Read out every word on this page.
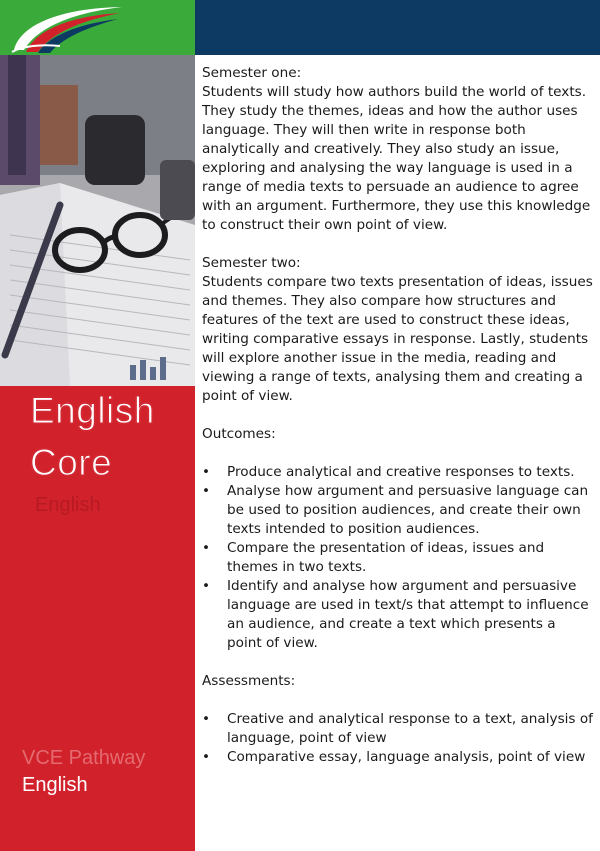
English
Core
English
VCE Pathway
English

Semester one:

Students will study how authors build the world of texts. They study the themes, ideas and how the author uses language. They will then write in response both analytically and creatively. They also study an issue, exploring and analysing the way language is used in a range of media texts to persuade an audience to agree with an argument. Furthermore, they use this knowledge to construct their own point of view.

Semester two:

Students compare two texts presentation of ideas, issues and themes. They also compare how structures and features of the text are used to construct these ideas, writing comparative essays in response. Lastly, students will explore another issue in the media, reading and viewing a range of texts, analysing them and creating a point of view.

Outcomes:

• Produce analytical and creative responses to texts.
• Analyse how argument and persuasive language can be used to position audiences, and create their own texts intended to position audiences.
• Compare the presentation of ideas, issues and themes in two texts.
• Identify and analyse how argument and persuasive language are used in text/s that attempt to influence an audience, and create a text which presents a point of view.

Assessments:

• Creative and analytical response to a text, analysis of language, point of view
• Comparative essay, language analysis, point of view
